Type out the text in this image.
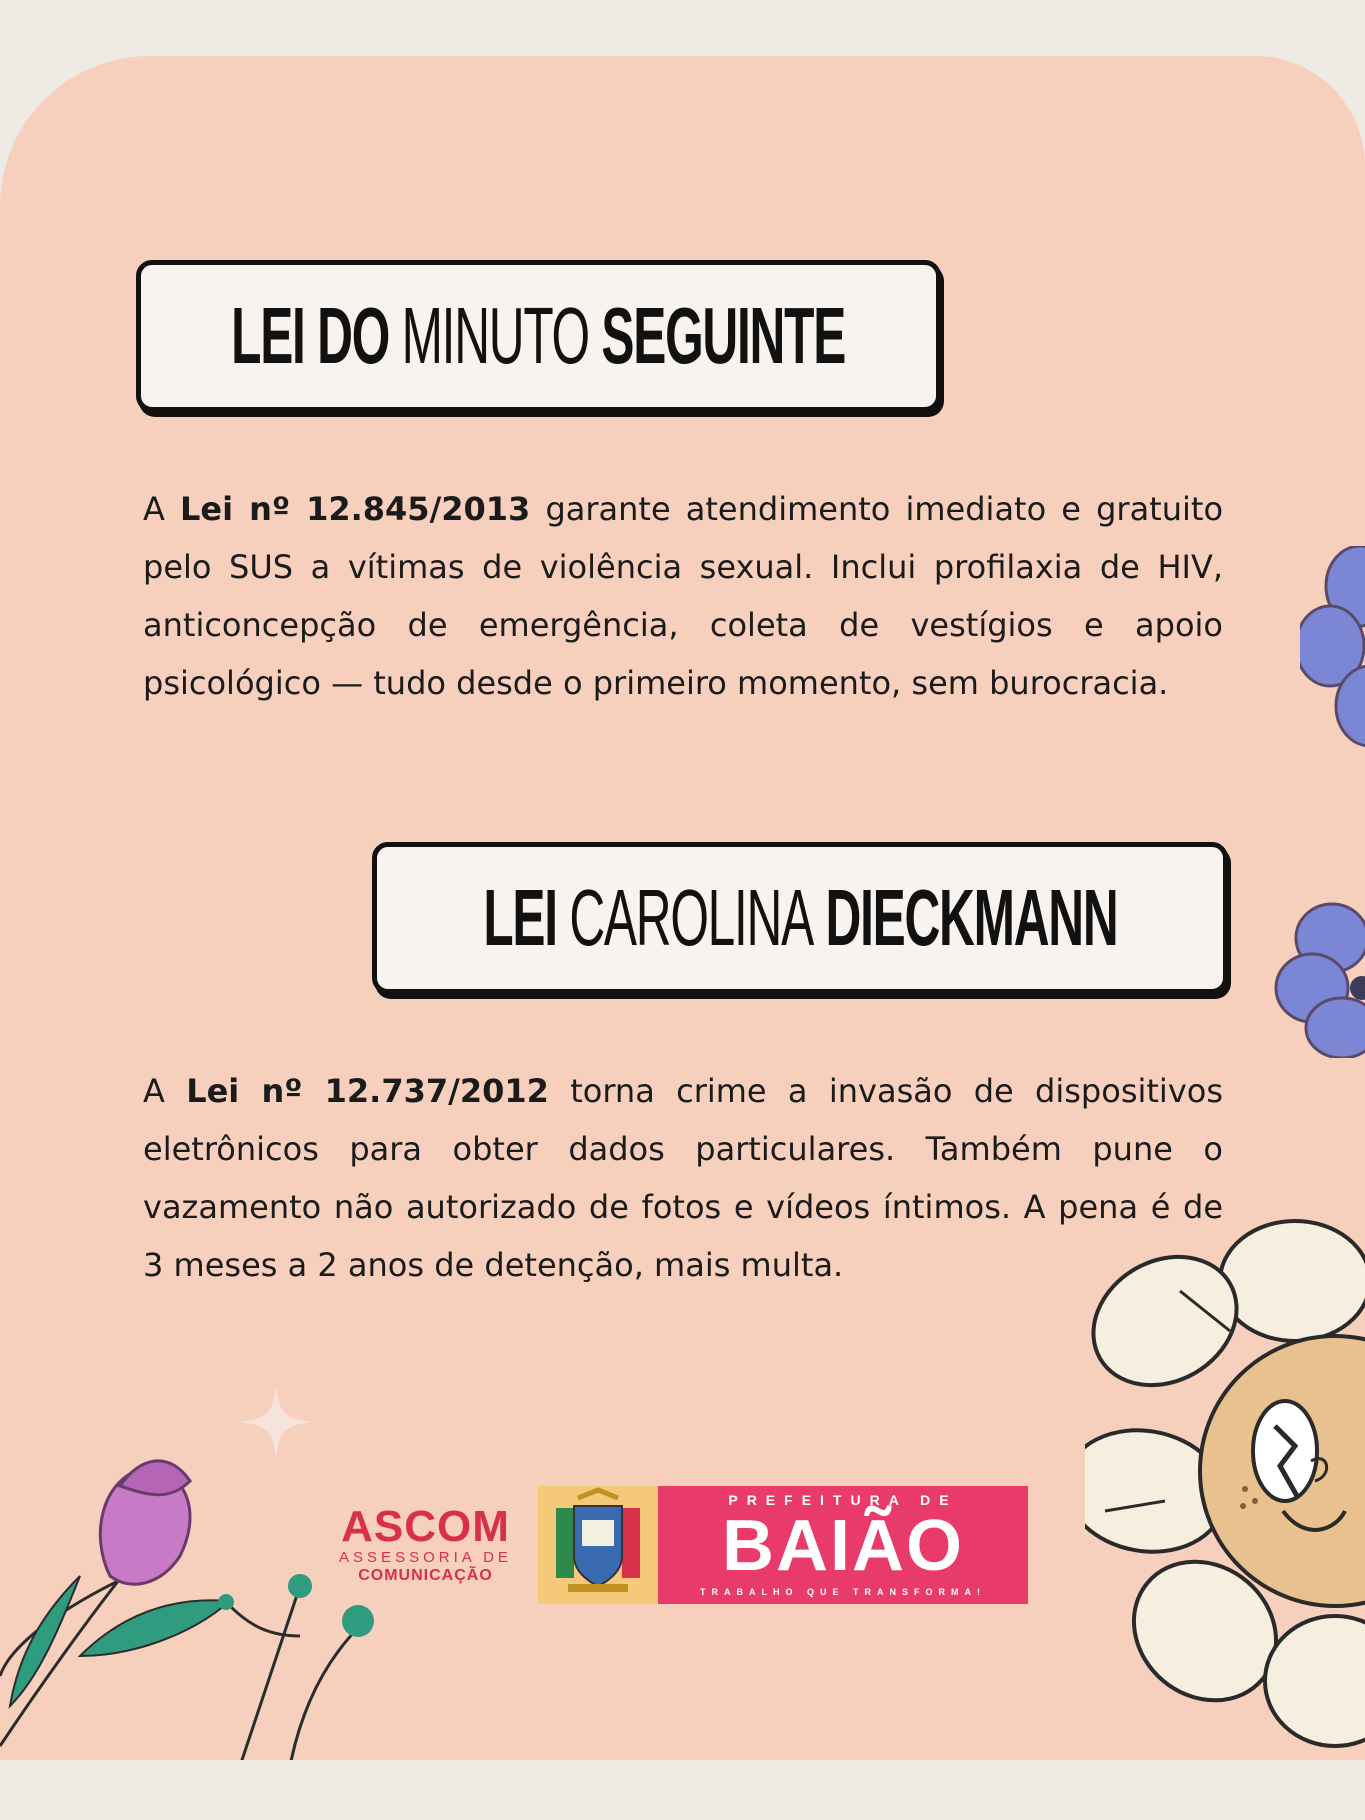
LEI DO MINUTO SEGUINTE

A Lei nº 12.845/2013 garante atendimento imediato e gratuito pelo SUS a vítimas de violência sexual. Inclui profilaxia de HIV, anticoncepção de emergência, coleta de vestígios e apoio psicológico — tudo desde o primeiro momento, sem burocracia.

LEI CAROLINA DIECKMANN

A Lei nº 12.737/2012 torna crime a invasão de dispositivos eletrônicos para obter dados particulares. Também pune o vazamento não autorizado de fotos e vídeos íntimos. A pena é de 3 meses a 2 anos de detenção, mais multa.

ASCOM
ASSESSORIA DE
COMUNICAÇÃO
PREFEITURA DE
BAIÃO
TRABALHO QUE TRANSFORMA!
